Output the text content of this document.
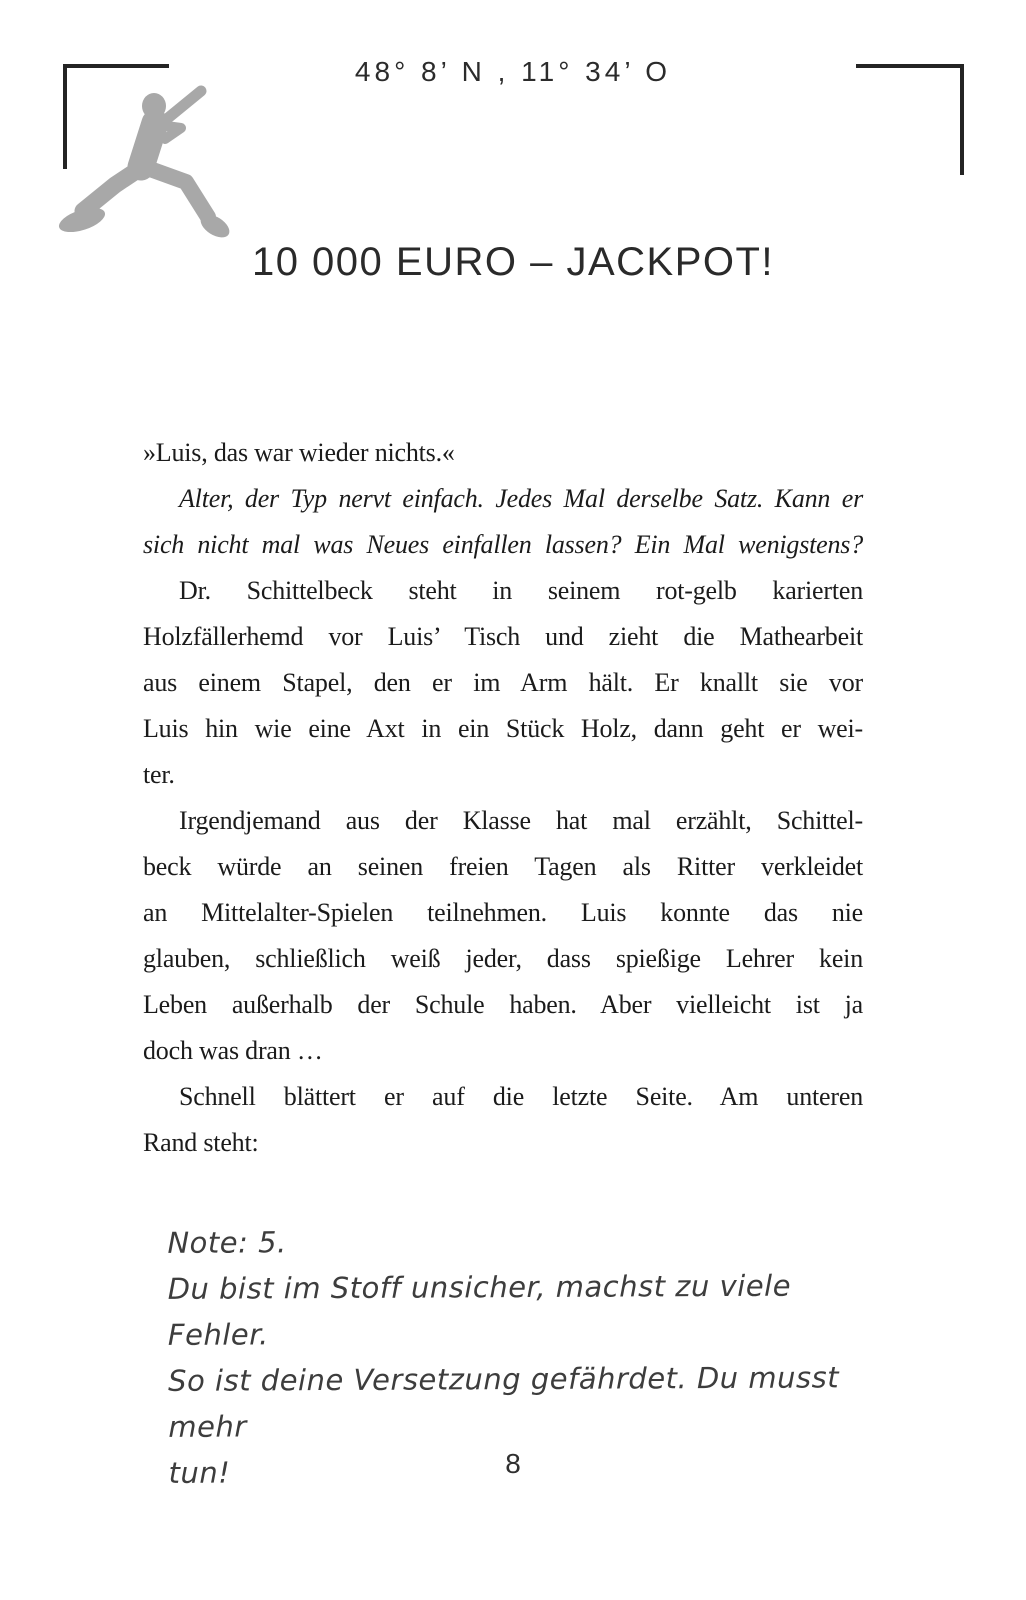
48° 8’ N , 11° 34’ O
10 000 EURO – JACKPOT!
»Luis, das war wieder nichts.«
Alter, der Typ nervt einfach. Jedes Mal derselbe Satz. Kann er
sich nicht mal was Neues einfallen lassen? Ein Mal wenigstens?
Dr. Schittelbeck steht in seinem rot-gelb karierten
Holzfällerhemd vor Luis’ Tisch und zieht die Mathearbeit
aus einem Stapel, den er im Arm hält. Er knallt sie vor
Luis hin wie eine Axt in ein Stück Holz, dann geht er wei-
ter.
Irgendjemand aus der Klasse hat mal erzählt, Schittel-
beck würde an seinen freien Tagen als Ritter verkleidet
an Mittelalter-Spielen teilnehmen. Luis konnte das nie
glauben, schließlich weiß jeder, dass spießige Lehrer kein
Leben außerhalb der Schule haben. Aber vielleicht ist ja
doch was dran …
Schnell blättert er auf die letzte Seite. Am unteren
Rand steht:
Note: 5.
Du bist im Stoff unsicher, machst zu viele Fehler.
So ist deine Versetzung gefährdet. Du musst mehr
tun!	8
